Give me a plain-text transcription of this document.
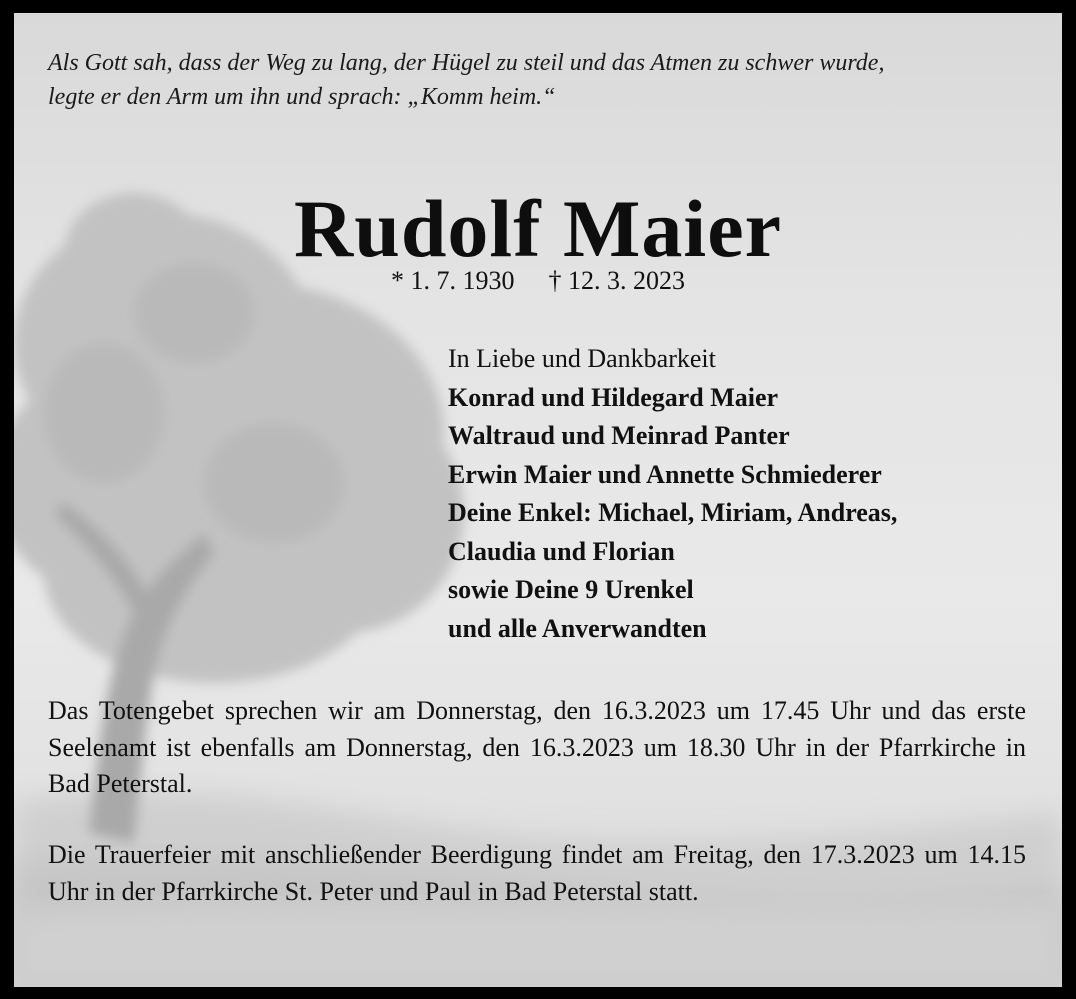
Als Gott sah, dass der Weg zu lang, der Hügel zu steil und das Atmen zu schwer wurde,
legte er den Arm um ihn und sprach: „Komm heim.“

Rudolf Maier
* 1. 7. 1930 † 12. 3. 2023
In Liebe und Dankbarkeit
Konrad und Hildegard Maier
Waltraud und Meinrad Panter
Erwin Maier und Annette Schmiederer
Deine Enkel: Michael, Miriam, Andreas,
Claudia und Florian
sowie Deine 9 Urenkel
und alle Anverwandten

Das Totengebet sprechen wir am Donnerstag, den 16.3.2023 um 17.45 Uhr und das erste Seelenamt ist ebenfalls am Donnerstag, den 16.3.2023 um 18.30 Uhr in der Pfarrkirche in Bad Peterstal.

Die Trauerfeier mit anschließender Beerdigung findet am Freitag, den 17.3.2023 um 14.15 Uhr in der Pfarrkirche St. Peter und Paul in Bad Peterstal statt.
